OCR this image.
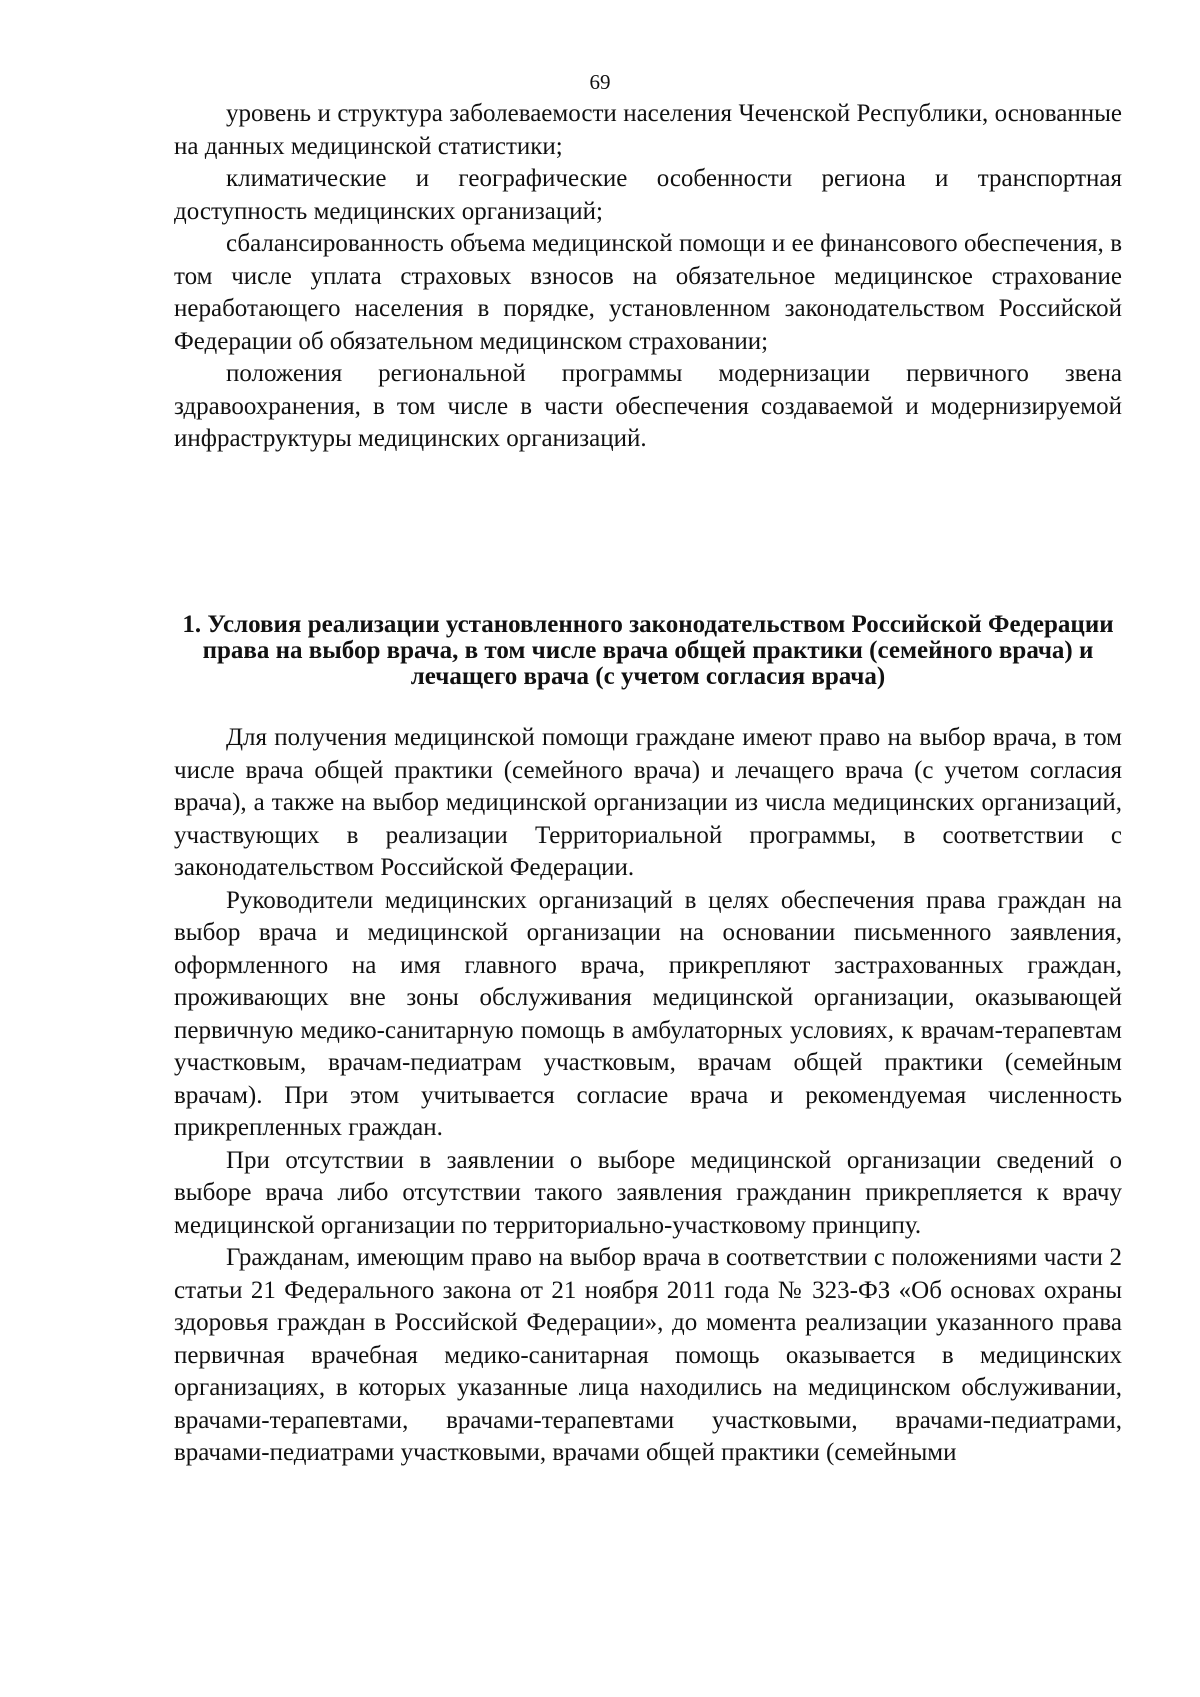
69

уровень и структура заболеваемости населения Чеченской Республики, основанные на данных медицинской статистики;

климатические и географические особенности региона и транспортная доступность медицинских организаций;

сбалансированность объема медицинской помощи и ее финансового обеспечения, в том числе уплата страховых взносов на обязательное медицинское страхование неработающего населения в порядке, установленном законодательством Российской Федерации об обязательном медицинском страховании;

положения региональной программы модернизации первичного звена здравоохранения, в том числе в части обеспечения создаваемой и модернизируемой инфраструктуры медицинских организаций.

1. Условия реализации установленного законодательством Российской Федерации права на выбор врача, в том числе врача общей практики (семейного врача) и лечащего врача (с учетом согласия врача)

Для получения медицинской помощи граждане имеют право на выбор врача, в том числе врача общей практики (семейного врача) и лечащего врача (с учетом согласия врача), а также на выбор медицинской организации из числа медицинских организаций, участвующих в реализации Территориальной программы, в соответствии с законодательством Российской Федерации.

Руководители медицинских организаций в целях обеспечения права граждан на выбор врача и медицинской организации на основании письменного заявления, оформленного на имя главного врача, прикрепляют застрахованных граждан, проживающих вне зоны обслуживания медицинской организации, оказывающей первичную медико-санитарную помощь в амбулаторных условиях, к врачам-терапевтам участковым, врачам-педиатрам участковым, врачам общей практики (семейным врачам). При этом учитывается согласие врача и рекомендуемая численность прикрепленных граждан.

При отсутствии в заявлении о выборе медицинской организации сведений о выборе врача либо отсутствии такого заявления гражданин прикрепляется к врачу медицинской организации по территориально-участковому принципу.

Гражданам, имеющим право на выбор врача в соответствии с положениями части 2 статьи 21 Федерального закона от 21 ноября 2011 года № 323-ФЗ «Об основах охраны здоровья граждан в Российской Федерации», до момента реализации указанного права первичная врачебная медико-санитарная помощь оказывается в медицинских организациях, в которых указанные лица находились на медицинском обслуживании, врачами-терапевтами, врачами-терапевтами участковыми, врачами-педиатрами, врачами-педиатрами участковыми, врачами общей практики (семейными
